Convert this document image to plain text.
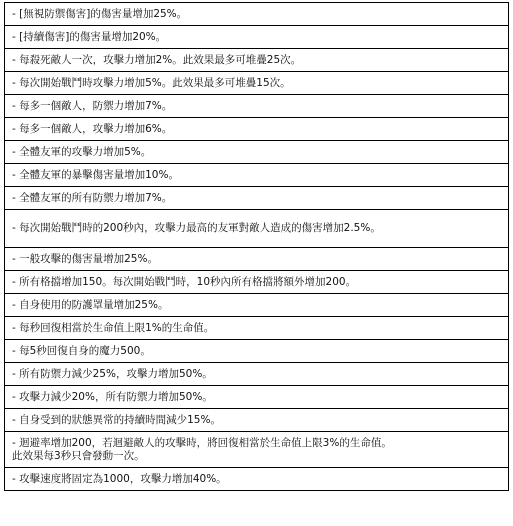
- [無視防禦傷害]的傷害量增加25%。
- [持續傷害]的傷害量增加20%。
- 每殺死敵人一次，攻擊力增加2%。此效果最多可堆疊25次。
- 每次開始戰鬥時攻擊力增加5%。此效果最多可堆疊15次。
- 每多一個敵人，防禦力增加7%。
- 每多一個敵人，攻擊力增加6%。
- 全體友軍的攻擊力增加5%。
- 全體友軍的暴擊傷害量增加10%。
- 全體友軍的所有防禦力增加7%。
- 每次開始戰鬥時的200秒內，攻擊力最高的友軍對敵人造成的傷害增加2.5%。
- 一般攻擊的傷害量增加25%。
- 所有格擋增加150。每次開始戰鬥時，10秒內所有格擋將額外增加200。
- 自身使用的防護罩量增加25%。
- 每秒回復相當於生命值上限1%的生命值。
- 每5秒回復自身的魔力500。
- 所有防禦力減少25%，攻擊力增加50%。
- 攻擊力減少20%，所有防禦力增加50%。
- 自身受到的狀態異常的持續時間減少15%。

- 迴避率增加200，若迴避敵人的攻擊時，將回復相當於生命值上限3%的生命值。
此效果每3秒只會發動一次。

- 攻擊速度將固定為1000，攻擊力增加40%。
